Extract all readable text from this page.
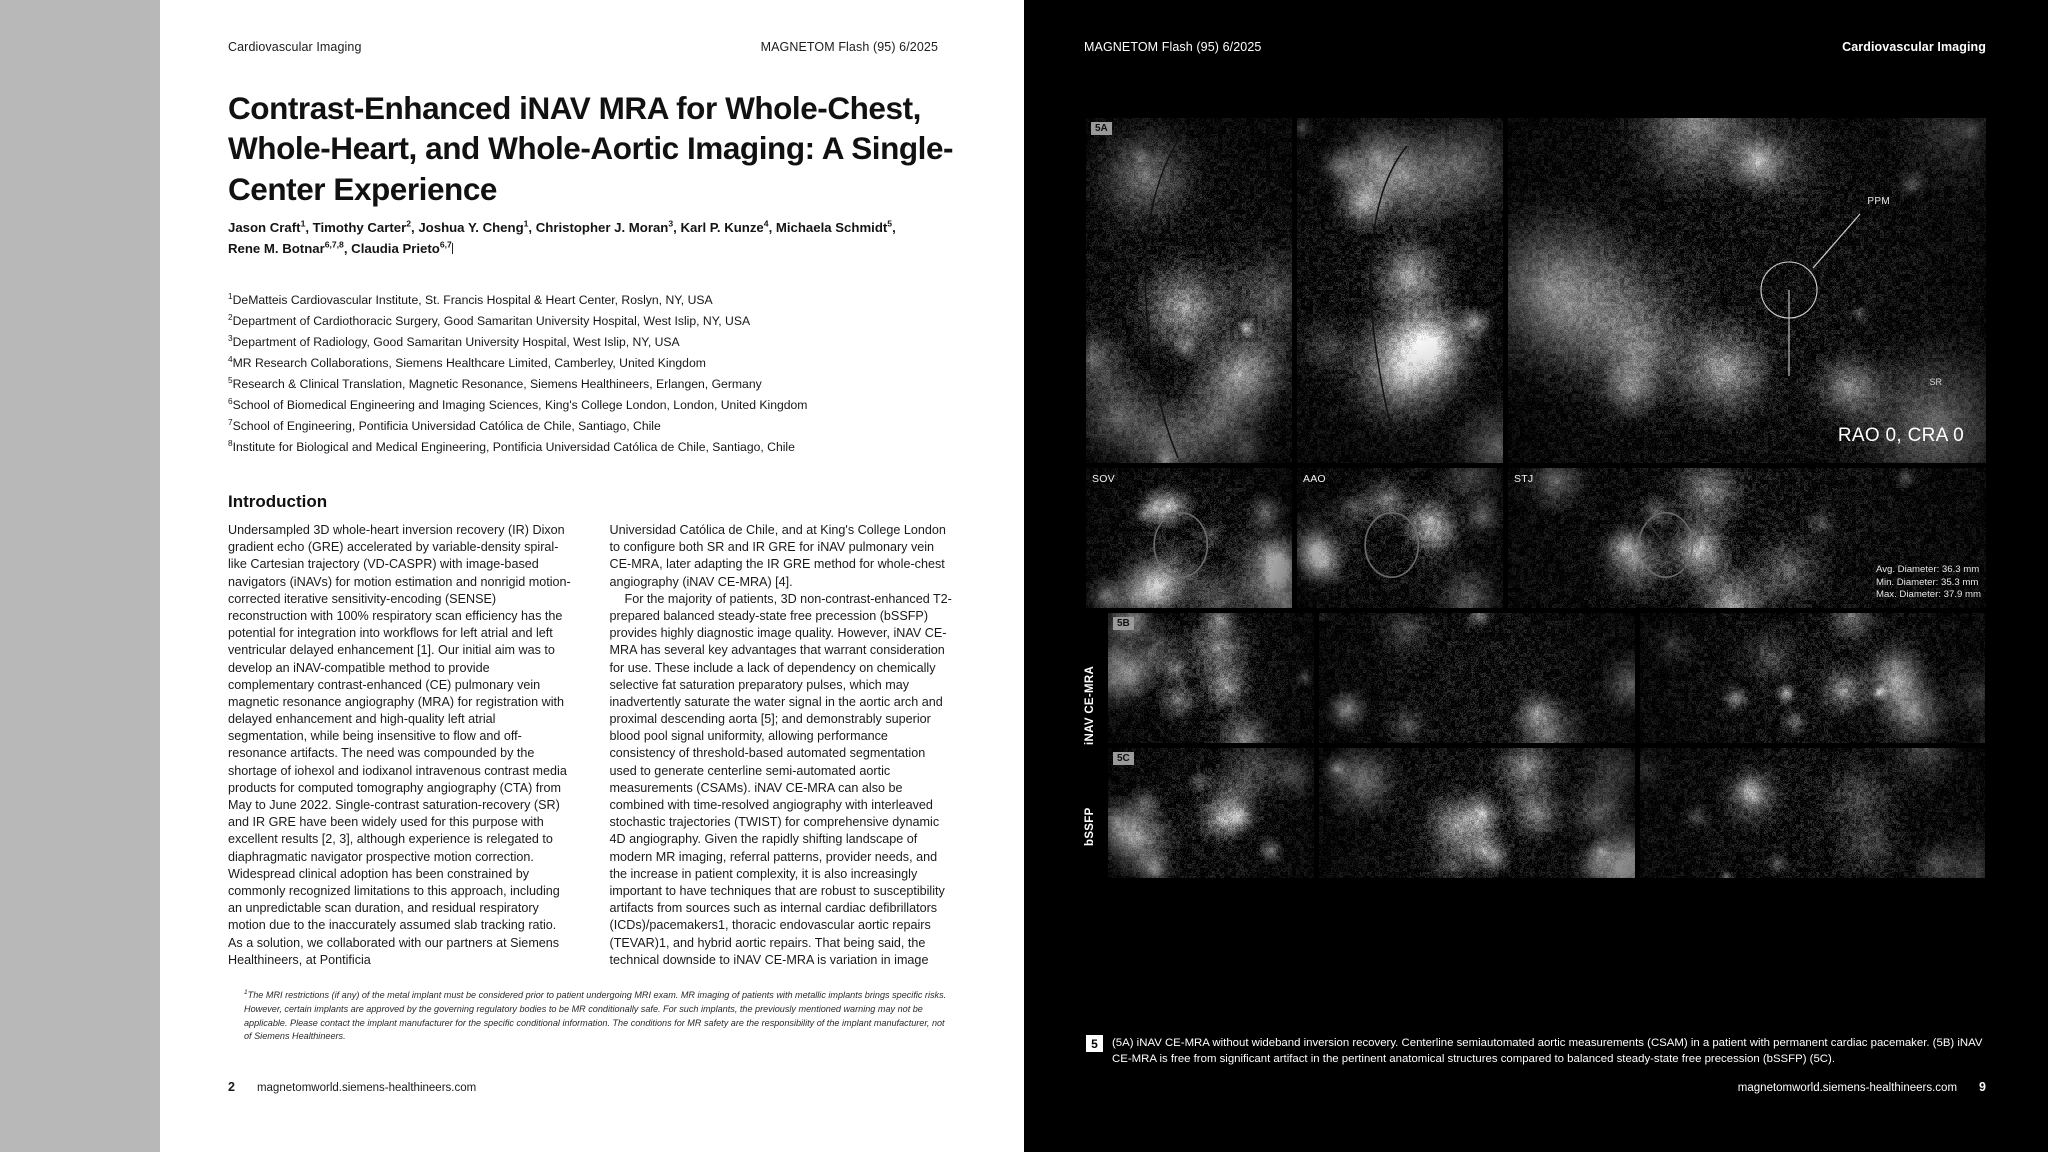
Cardiovascular Imaging	MAGNETOM Flash (95) 6/2025
Contrast-Enhanced iNAV MRA for Whole-Chest, Whole-Heart, and Whole-Aortic Imaging: A Single-Center Experience
Jason Craft$^1$, Timothy Carter$^2$, Joshua Y. Cheng$^1$, Christopher J. Moran$^3$, Karl P. Kunze$^4$, Michaela Schmidt$^5$, Rene M. Botnar$^{6,7,8}$, Claudia Prieto$^{6,7}$
$^1$DeMatteis Cardiovascular Institute, St. Francis Hospital & Heart Center, Roslyn, NY, USA
$^2$Department of Cardiothoracic Surgery, Good Samaritan University Hospital, West Islip, NY, USA
$^3$Department of Radiology, Good Samaritan University Hospital, West Islip, NY, USA
$^4$MR Research Collaborations, Siemens Healthcare Limited, Camberley, United Kingdom
$^5$Research & Clinical Translation, Magnetic Resonance, Siemens Healthineers, Erlangen, Germany
$^6$School of Biomedical Engineering and Imaging Sciences, King's College London, London, United Kingdom
$^7$School of Engineering, Pontificia Universidad Católica de Chile, Santiago, Chile
$^8$Institute for Biological and Medical Engineering, Pontificia Universidad Católica de Chile, Santiago, Chile
Introduction

Undersampled 3D whole-heart inversion recovery (IR) Dixon gradient echo (GRE) accelerated by variable-density spiral-like Cartesian trajectory (VD-CASPR) with image-based navigators (iNAVs) for motion estimation and nonrigid motion-corrected iterative sensitivity-encoding (SENSE) reconstruction with 100% respiratory scan efficiency has the potential for integration into workflows for left atrial and left ventricular delayed enhancement [1]. Our initial aim was to develop an iNAV-compatible method to provide complementary contrast-enhanced (CE) pulmonary vein magnetic resonance angiography (MRA) for registration with delayed enhancement and high-quality left atrial segmentation, while being insensitive to flow and off-resonance artifacts. The need was compounded by the shortage of iohexol and iodixanol intravenous contrast media products for computed tomography angiography (CTA) from May to June 2022. Single-contrast saturation-recovery (SR) and IR GRE have been widely used for this purpose with excellent results [2, 3], although experience is relegated to diaphragmatic navigator prospective motion correction. Widespread clinical adoption has been constrained by commonly recognized limitations to this approach, including an unpredictable scan duration, and residual respiratory motion due to the inaccurately assumed slab tracking ratio. As a solution, we collaborated with our partners at Siemens Healthineers, at Pontificia

Universidad Católica de Chile, and at King's College London to configure both SR and IR GRE for iNAV pulmonary vein CE-MRA, later adapting the IR GRE method for whole-chest angiography (iNAV CE-MRA) [4].

For the majority of patients, 3D non-contrast-enhanced T2-prepared balanced steady-state free precession (bSSFP) provides highly diagnostic image quality. However, iNAV CE-MRA has several key advantages that warrant consideration for use. These include a lack of dependency on chemically selective fat saturation preparatory pulses, which may inadvertently saturate the water signal in the aortic arch and proximal descending aorta [5]; and demonstrably superior blood pool signal uniformity, allowing performance consistency of threshold-based automated segmentation used to generate centerline semi-automated aortic measurements (CSAMs). iNAV CE-MRA can also be combined with time-resolved angiography with interleaved stochastic trajectories (TWIST) for comprehensive dynamic 4D angiography. Given the rapidly shifting landscape of modern MR imaging, referral patterns, provider needs, and the increase in patient complexity, it is also increasingly important to have techniques that are robust to susceptibility artifacts from sources such as internal cardiac defibrillators (ICDs)/pacemakers1, thoracic endovascular aortic repairs (TEVAR)1, and hybrid aortic repairs. That being said, the technical downside to iNAV CE-MRA is variation in image

$^1$The MRI restrictions (if any) of the metal implant must be considered prior to patient undergoing MRI exam. MR imaging of patients with metallic implants brings specific risks. However, certain implants are approved by the governing regulatory bodies to be MR conditionally safe. For such implants, the previously mentioned warning may not be applicable. Please contact the implant manufacturer for the specific conditional information. The conditions for MR safety are the responsibility of the implant manufacturer, not of Siemens Healthineers.
2 magnetomworld.siemens-healthineers.com
MAGNETOM Flash (95) 6/2025	Cardiovascular Imaging
5A
PPM
SR
RAO 0, CRA 0
SOV	AAO	STJ
Avg. Diameter: 36.3 mm
Min. Diameter: 35.3 mm
Max. Diameter: 37.9 mm
iNAV CE-MRA
5B
bSSFP
5C
5	(5A) iNAV CE-MRA without wideband inversion recovery. Centerline semiautomated aortic measurements (CSAM) in a patient with permanent cardiac pacemaker. (5B) iNAV CE-MRA is free from significant artifact in the pertinent anatomical structures compared to balanced steady-state free precession (bSSFP) (5C).
magnetomworld.siemens-healthineers.com 9
